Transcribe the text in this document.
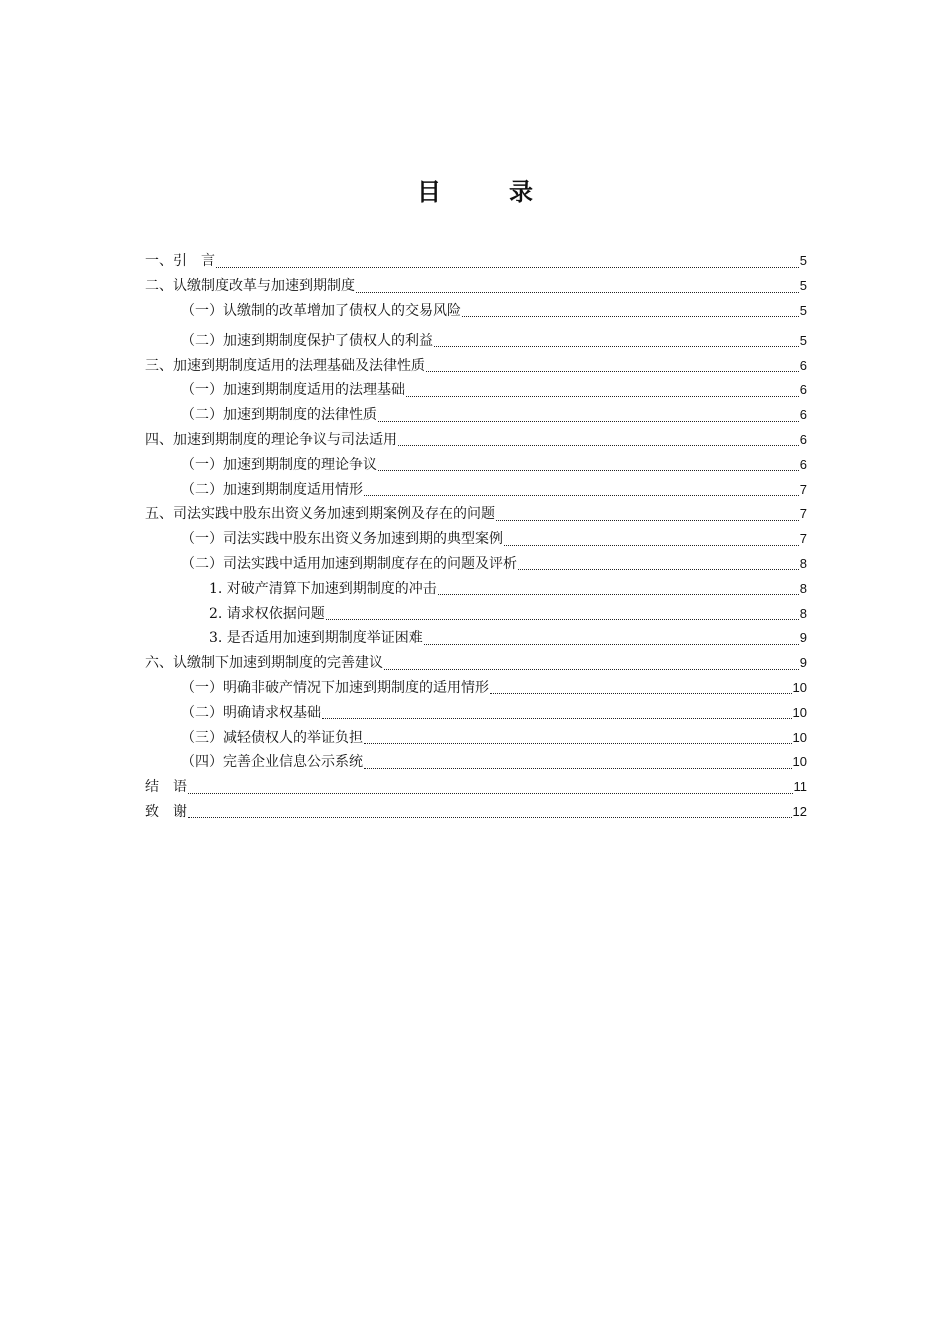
目　录
一、引　言	5
二、认缴制度改革与加速到期制度	5
（一）认缴制的改革增加了债权人的交易风险	5
（二）加速到期制度保护了债权人的利益	5
三、加速到期制度适用的法理基础及法律性质	6
（一）加速到期制度适用的法理基础	6
（二）加速到期制度的法律性质	6
四、加速到期制度的理论争议与司法适用	6
（一）加速到期制度的理论争议	6
（二）加速到期制度适用情形	7
五、司法实践中股东出资义务加速到期案例及存在的问题	7
（一）司法实践中股东出资义务加速到期的典型案例	7
（二）司法实践中适用加速到期制度存在的问题及评析	8
1. 对破产清算下加速到期制度的冲击	8
2. 请求权依据问题	8
3. 是否适用加速到期制度举证困难	9
六、认缴制下加速到期制度的完善建议	9
（一）明确非破产情况下加速到期制度的适用情形	10
（二）明确请求权基础	10
（三）减轻债权人的举证负担	10
（四）完善企业信息公示系统	10
结　语	11
致　谢	12
